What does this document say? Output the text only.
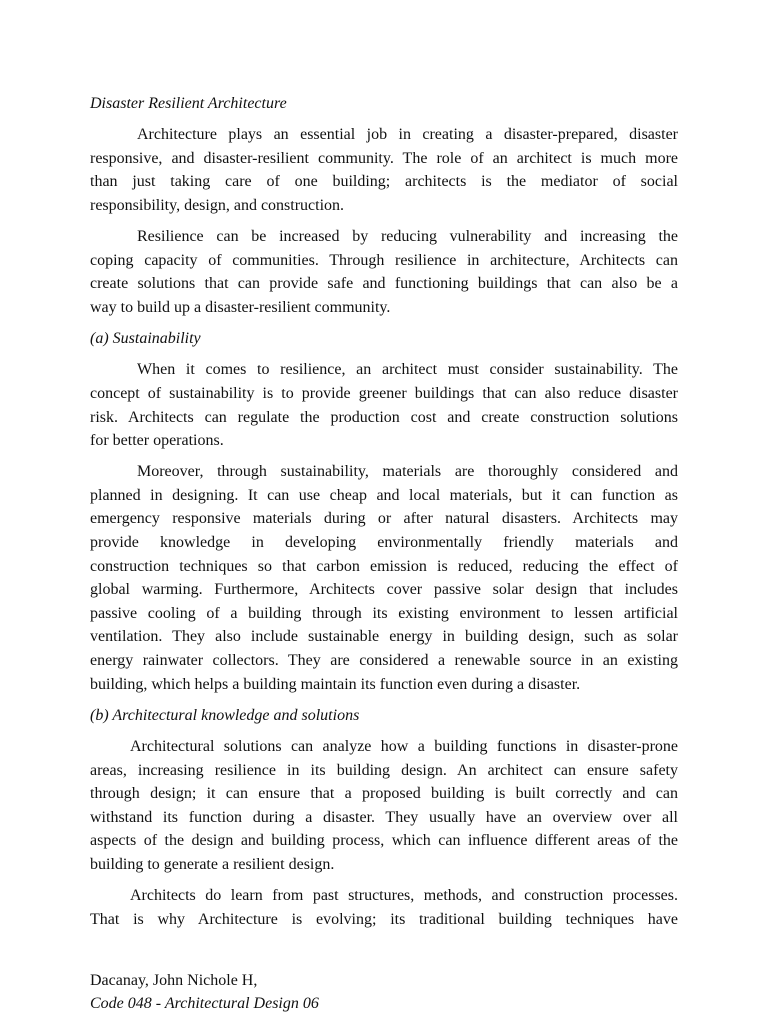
Disaster Resilient Architecture
Architecture plays an essential job in creating a disaster-prepared, disaster
responsive, and disaster-resilient community. The role of an architect is much more
than just taking care of one building; architects is the mediator of social
responsibility, design, and construction.
Resilience can be increased by reducing vulnerability and increasing the
coping capacity of communities. Through resilience in architecture, Architects can
create solutions that can provide safe and functioning buildings that can also be a
way to build up a disaster-resilient community.
(a) Sustainability
When it comes to resilience, an architect must consider sustainability. The
concept of sustainability is to provide greener buildings that can also reduce disaster
risk. Architects can regulate the production cost and create construction solutions
for better operations.
Moreover, through sustainability, materials are thoroughly considered and
planned in designing. It can use cheap and local materials, but it can function as
emergency responsive materials during or after natural disasters. Architects may
provide knowledge in developing environmentally friendly materials and
construction techniques so that carbon emission is reduced, reducing the effect of
global warming. Furthermore, Architects cover passive solar design that includes
passive cooling of a building through its existing environment to lessen artificial
ventilation. They also include sustainable energy in building design, such as solar
energy rainwater collectors. They are considered a renewable source in an existing
building, which helps a building maintain its function even during a disaster.
(b) Architectural knowledge and solutions
Architectural solutions can analyze how a building functions in disaster-prone
areas, increasing resilience in its building design. An architect can ensure safety
through design; it can ensure that a proposed building is built correctly and can
withstand its function during a disaster. They usually have an overview over all
aspects of the design and building process, which can influence different areas of the
building to generate a resilient design.
Architects do learn from past structures, methods, and construction processes.
That is why Architecture is evolving; its traditional building techniques have
Dacanay, John Nichole H,
Code 048 - Architectural Design 06
